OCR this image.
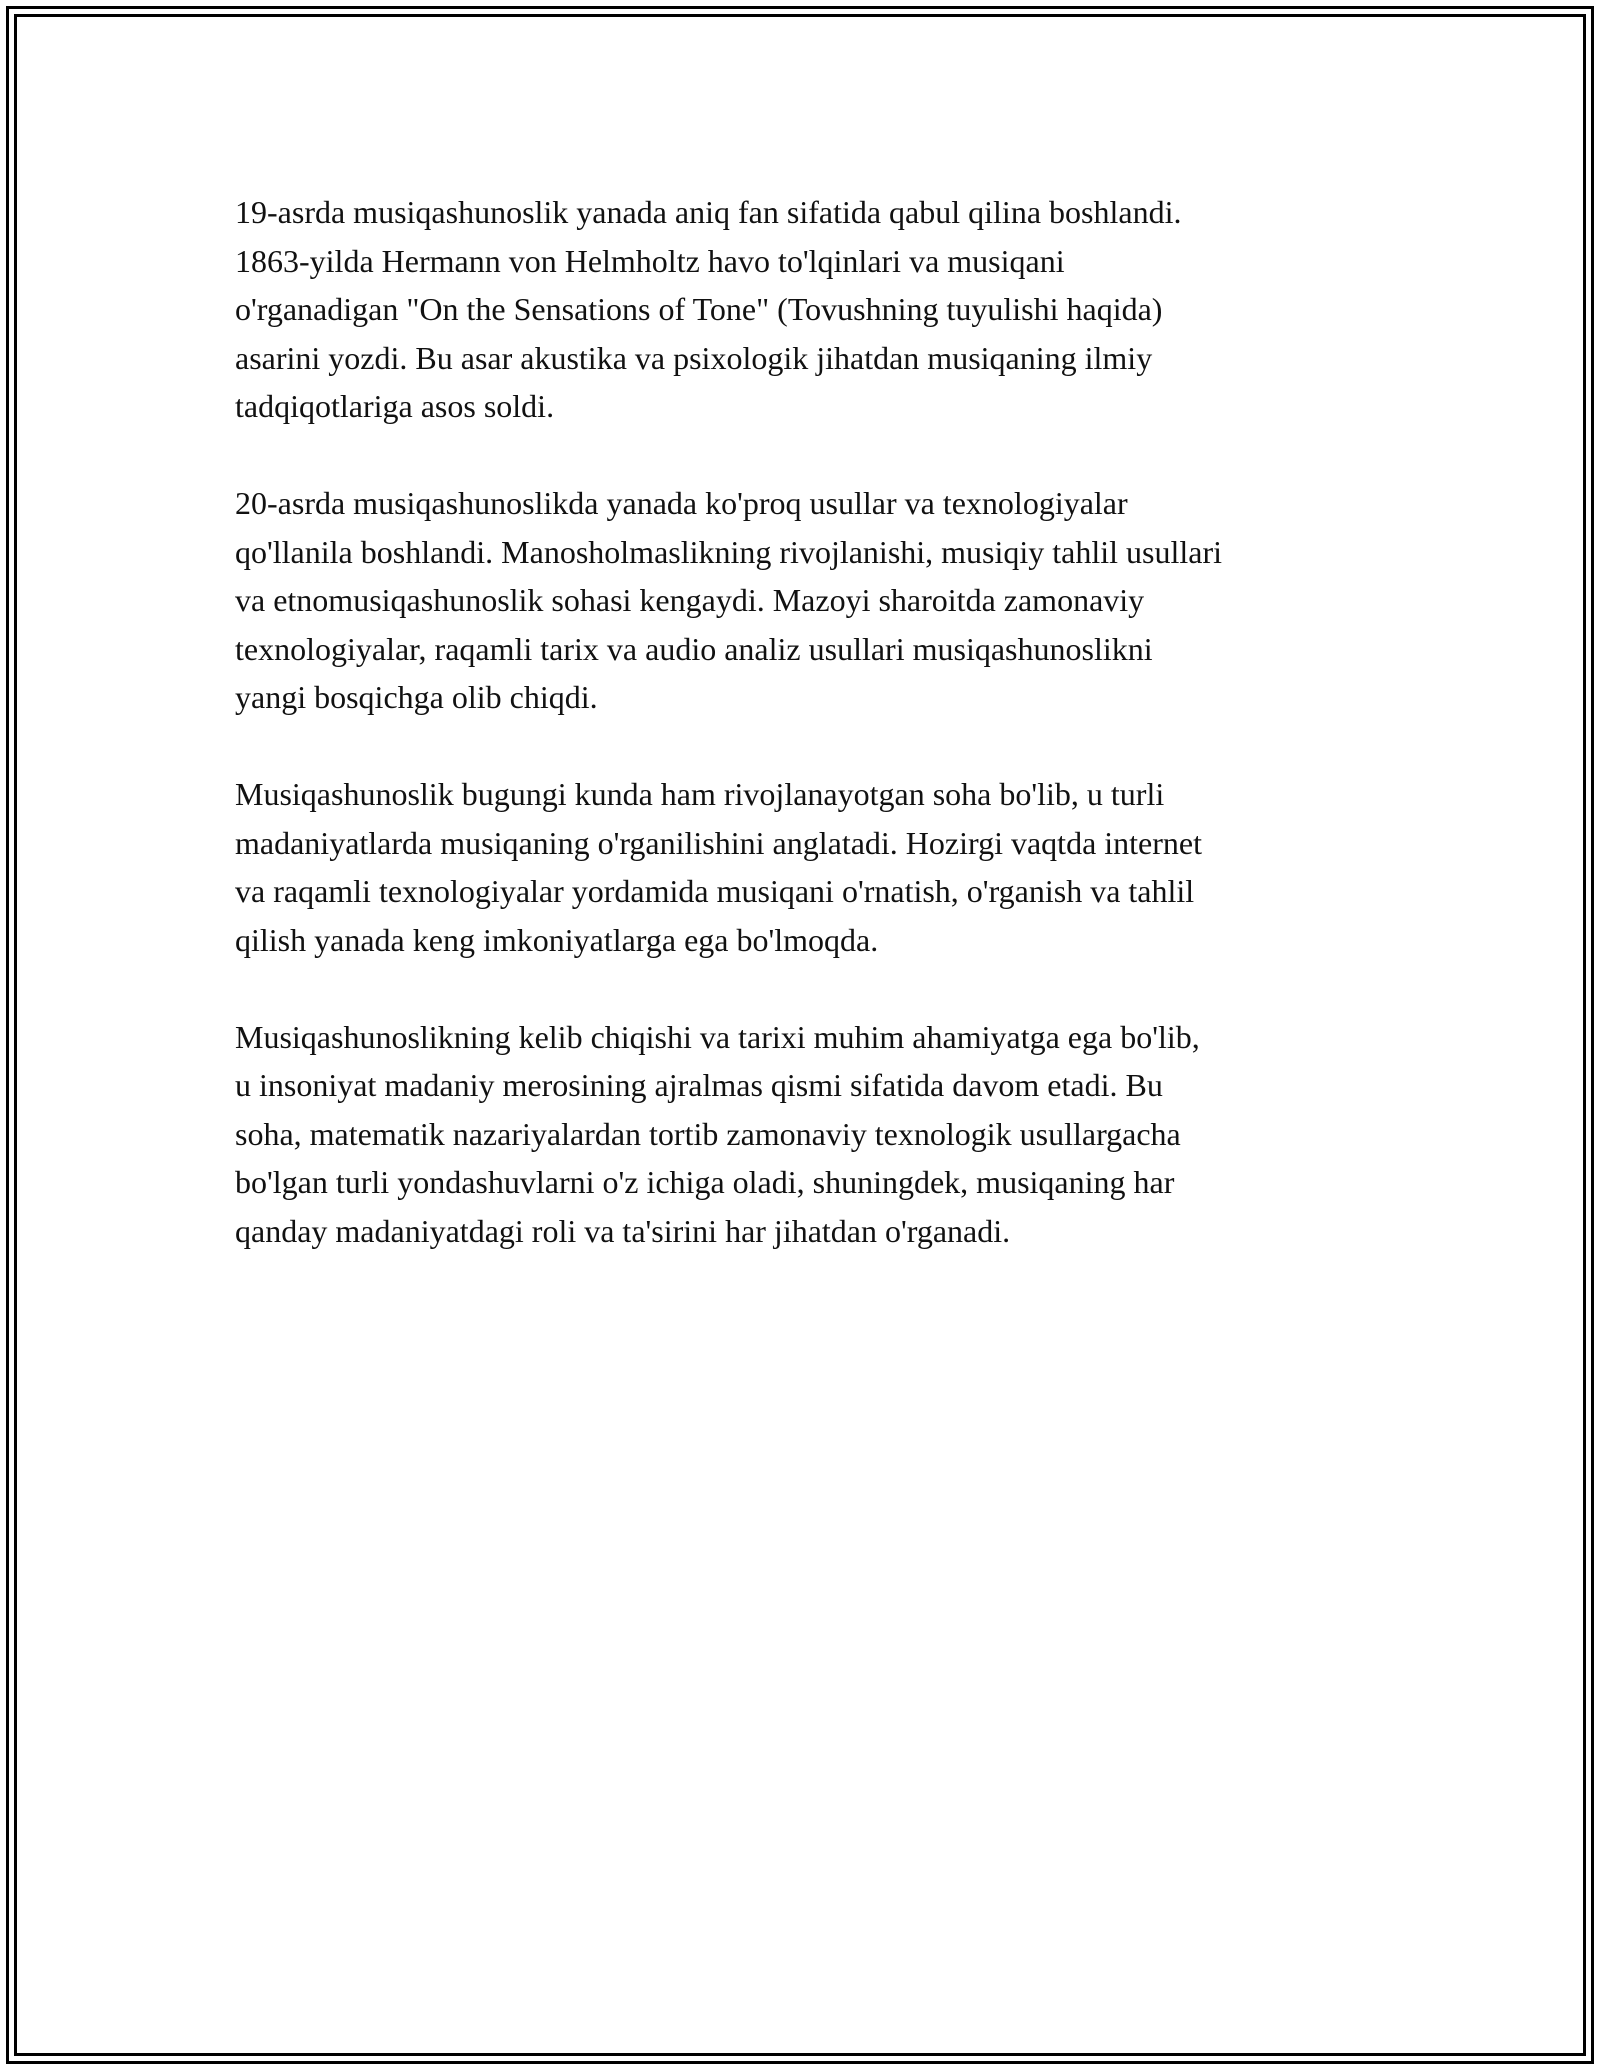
19-asrda musiqashunoslik yanada aniq fan sifatida qabul qilina boshlandi.
1863-yilda Hermann von Helmholtz havo to'lqinlari va musiqani
o'rganadigan "On the Sensations of Tone" (Tovushning tuyulishi haqida)
asarini yozdi. Bu asar akustika va psixologik jihatdan musiqaning ilmiy
tadqiqotlariga asos soldi.

20-asrda musiqashunoslikda yanada ko'proq usullar va texnologiyalar
qo'llanila boshlandi. Manosholmaslikning rivojlanishi, musiqiy tahlil usullari
va etnomusiqashunoslik sohasi kengaydi. Mazoyi sharoitda zamonaviy
texnologiyalar, raqamli tarix va audio analiz usullari musiqashunoslikni
yangi bosqichga olib chiqdi.

Musiqashunoslik bugungi kunda ham rivojlanayotgan soha bo'lib, u turli
madaniyatlarda musiqaning o'rganilishini anglatadi. Hozirgi vaqtda internet
va raqamli texnologiyalar yordamida musiqani o'rnatish, o'rganish va tahlil
qilish yanada keng imkoniyatlarga ega bo'lmoqda.

Musiqashunoslikning kelib chiqishi va tarixi muhim ahamiyatga ega bo'lib,
u insoniyat madaniy merosining ajralmas qismi sifatida davom etadi. Bu
soha, matematik nazariyalardan tortib zamonaviy texnologik usullargacha
bo'lgan turli yondashuvlarni o'z ichiga oladi, shuningdek, musiqaning har
qanday madaniyatdagi roli va ta'sirini har jihatdan o'rganadi.
